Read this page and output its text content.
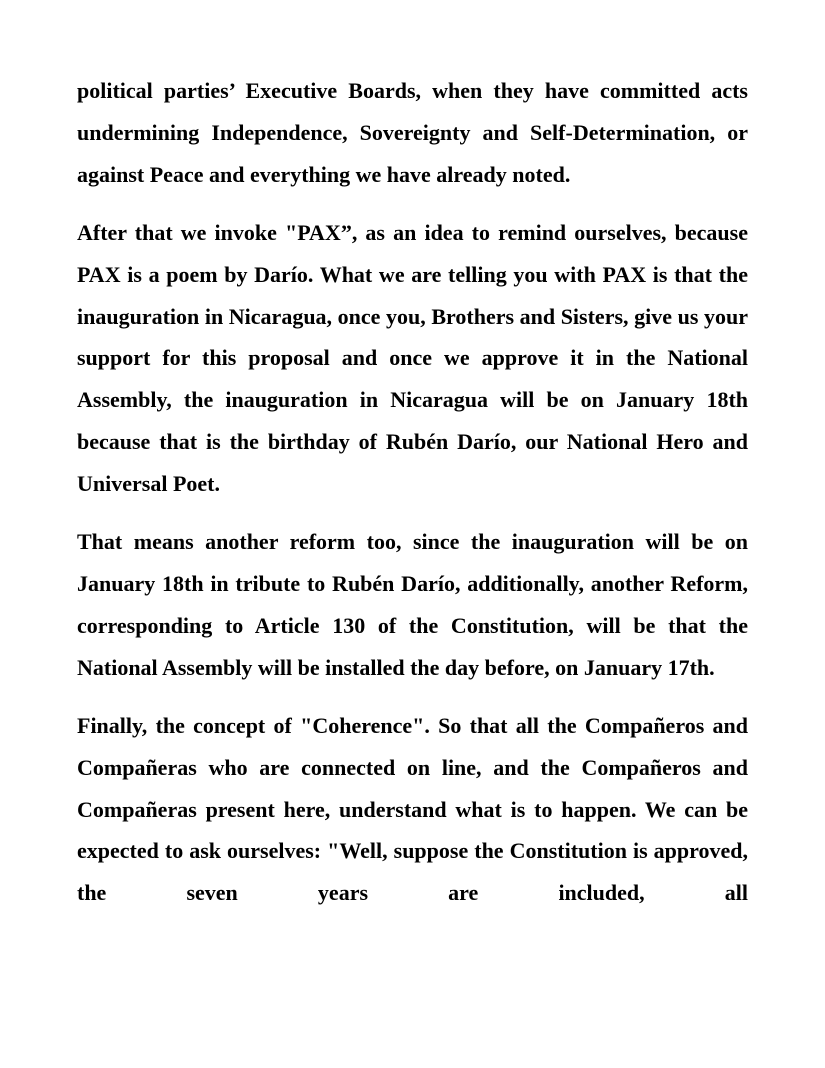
political parties’ Executive Boards, when they have committed acts undermining Independence, Sovereignty and Self-Determination, or against Peace and everything we have already noted.

After that we invoke "PAX”, as an idea to remind ourselves, because PAX is a poem by Darío. What we are telling you with PAX is that the inauguration in Nicaragua, once you, Brothers and Sisters, give us your support for this proposal and once we approve it in the National Assembly, the inauguration in Nicaragua will be on January 18th because that is the birthday of Rubén Darío, our National Hero and Universal Poet.

That means another reform too, since the inauguration will be on January 18th in tribute to Rubén Darío, additionally, another Reform, corresponding to Article 130 of the Constitution, will be that the National Assembly will be installed the day before, on January 17th.

Finally, the concept of "Coherence". So that all the Compañeros and Compañeras who are connected on line, and the Compañeros and Compañeras present here, understand what is to happen. We can be expected to ask ourselves: "Well, suppose the Constitution is approved, the seven years are included, all
